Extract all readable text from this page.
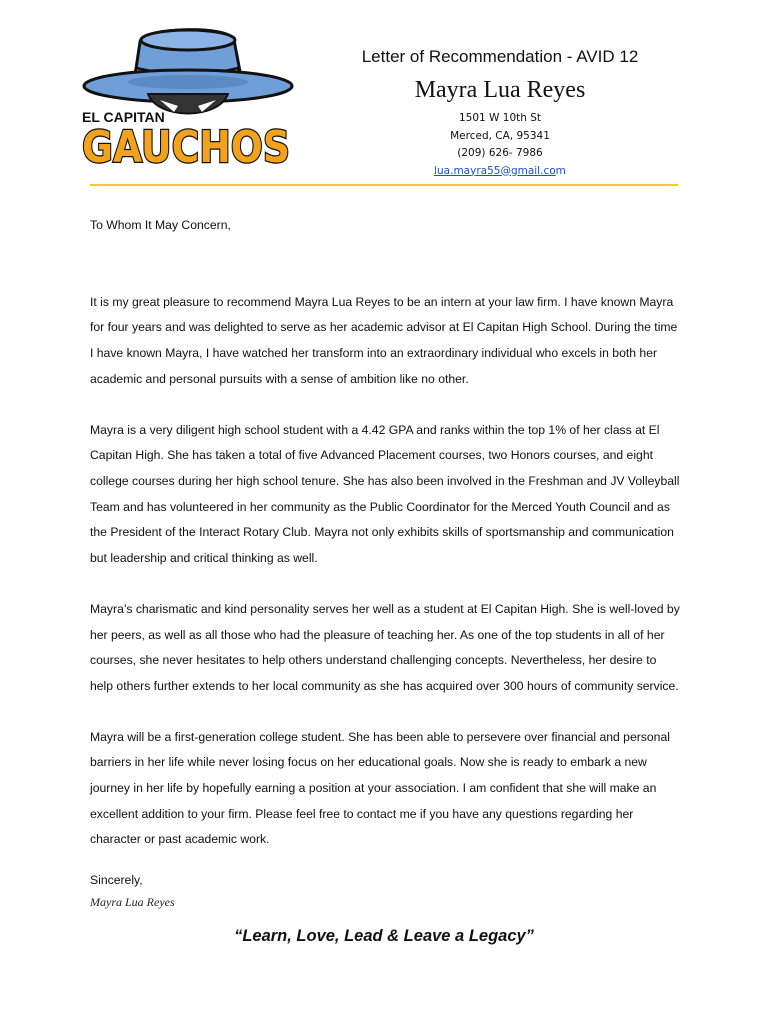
EL CAPITAN
GAUCHOS
Letter of Recommendation - AVID 12
Mayra Lua Reyes
1501 W 10th St
Merced, CA, 95341
(209) 626- 7986
lua.mayra55@gmail.com

To Whom It May Concern,

It is my great pleasure to recommend Mayra Lua Reyes to be an intern at your law firm. I have known Mayra for four years and was delighted to serve as her academic advisor at El Capitan High School. During the time I have known Mayra, I have watched her transform into an extraordinary individual who excels in both her academic and personal pursuits with a sense of ambition like no other.

Mayra is a very diligent high school student with a 4.42 GPA and ranks within the top 1% of her class at El Capitan High. She has taken a total of five Advanced Placement courses, two Honors courses, and eight college courses during her high school tenure. She has also been involved in the Freshman and JV Volleyball Team and has volunteered in her community as the Public Coordinator for the Merced Youth Council and as the President of the Interact Rotary Club. Mayra not only exhibits skills of sportsmanship and communication but leadership and critical thinking as well.

Mayra’s charismatic and kind personality serves her well as a student at El Capitan High. She is well-loved by her peers, as well as all those who had the pleasure of teaching her. As one of the top students in all of her courses, she never hesitates to help others understand challenging concepts. Nevertheless, her desire to help others further extends to her local community as she has acquired over 300 hours of community service.

Mayra will be a first-generation college student. She has been able to persevere over financial and personal barriers in her life while never losing focus on her educational goals. Now she is ready to embark a new journey in her life by hopefully earning a position at your association. I am confident that she will make an excellent addition to your firm. Please feel free to contact me if you have any questions regarding her character or past academic work.

Sincerely,
Mayra Lua Reyes
“Learn, Love, Lead & Leave a Legacy”
